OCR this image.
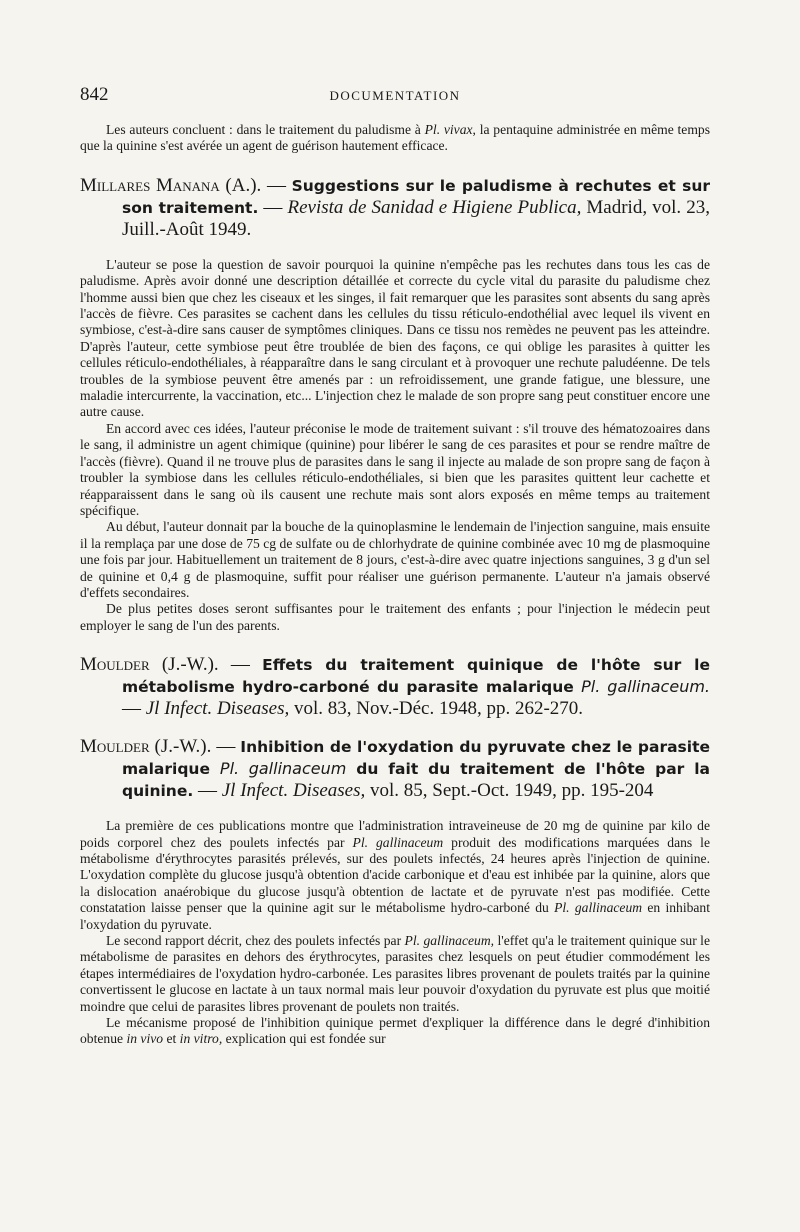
842	DOCUMENTATION

Les auteurs concluent : dans le traitement du paludisme à Pl. vivax, la pentaquine administrée en même temps que la quinine s'est avérée un agent de guérison hautement efficace.

Millares Manana (A.). — Suggestions sur le paludisme à rechutes et sur son traitement. — Revista de Sanidad e Higiene Publica, Madrid, vol. 23, Juill.-Août 1949.

L'auteur se pose la question de savoir pourquoi la quinine n'empêche pas les rechutes dans tous les cas de paludisme. Après avoir donné une description détaillée et correcte du cycle vital du parasite du paludisme chez l'homme aussi bien que chez les ciseaux et les singes, il fait remarquer que les parasites sont absents du sang après l'accès de fièvre. Ces parasites se cachent dans les cellules du tissu réticulo-endothélial avec lequel ils vivent en symbiose, c'est-à-dire sans causer de symptômes cliniques. Dans ce tissu nos remèdes ne peuvent pas les atteindre. D'après l'auteur, cette symbiose peut être troublée de bien des façons, ce qui oblige les parasites à quitter les cellules réticulo-endothéliales, à réapparaître dans le sang circulant et à provoquer une rechute paludéenne. De tels troubles de la symbiose peuvent être amenés par : un refroidissement, une grande fatigue, une blessure, une maladie intercurrente, la vaccination, etc... L'injection chez le malade de son propre sang peut constituer encore une autre cause.

En accord avec ces idées, l'auteur préconise le mode de traitement suivant : s'il trouve des hématozoaires dans le sang, il administre un agent chimique (quinine) pour libérer le sang de ces parasites et pour se rendre maître de l'accès (fièvre). Quand il ne trouve plus de parasites dans le sang il injecte au malade de son propre sang de façon à troubler la symbiose dans les cellules réticulo-endothéliales, si bien que les parasites quittent leur cachette et réapparaissent dans le sang où ils causent une rechute mais sont alors exposés en même temps au traitement spécifique.

Au début, l'auteur donnait par la bouche de la quinoplasmine le lendemain de l'injection sanguine, mais ensuite il la remplaça par une dose de 75 cg de sulfate ou de chlorhydrate de quinine combinée avec 10 mg de plasmoquine une fois par jour. Habituellement un traitement de 8 jours, c'est-à-dire avec quatre injections sanguines, 3 g d'un sel de quinine et 0,4 g de plasmoquine, suffit pour réaliser une guérison permanente. L'auteur n'a jamais observé d'effets secondaires.

De plus petites doses seront suffisantes pour le traitement des enfants ; pour l'injection le médecin peut employer le sang de l'un des parents.

Moulder (J.-W.). — Effets du traitement quinique de l'hôte sur le métabolisme hydro-carboné du parasite malarique Pl. gallinaceum. — Jl Infect. Diseases, vol. 83, Nov.-Déc. 1948, pp. 262-270.
Moulder (J.-W.). — Inhibition de l'oxydation du pyruvate chez le parasite malarique Pl. gallinaceum du fait du traitement de l'hôte par la quinine. — Jl Infect. Diseases, vol. 85, Sept.-Oct. 1949, pp. 195-204

La première de ces publications montre que l'administration intraveineuse de 20 mg de quinine par kilo de poids corporel chez des poulets infectés par Pl. gallinaceum produit des modifications marquées dans le métabolisme d'érythrocytes parasités prélevés, sur des poulets infectés, 24 heures après l'injection de quinine. L'oxydation complète du glucose jusqu'à obtention d'acide carbonique et d'eau est inhibée par la quinine, alors que la dislocation anaérobique du glucose jusqu'à obtention de lactate et de pyruvate n'est pas modifiée. Cette constatation laisse penser que la quinine agit sur le métabolisme hydro-carboné du Pl. gallinaceum en inhibant l'oxydation du pyruvate.

Le second rapport décrit, chez des poulets infectés par Pl. gallinaceum, l'effet qu'a le traitement quinique sur le métabolisme de parasites en dehors des érythrocytes, parasites chez lesquels on peut étudier commodément les étapes intermédiaires de l'oxydation hydro-carbonée. Les parasites libres provenant de poulets traités par la quinine convertissent le glucose en lactate à un taux normal mais leur pouvoir d'oxydation du pyruvate est plus que moitié moindre que celui de parasites libres provenant de poulets non traités.

Le mécanisme proposé de l'inhibition quinique permet d'expliquer la différence dans le degré d'inhibition obtenue in vivo et in vitro, explication qui est fondée sur
